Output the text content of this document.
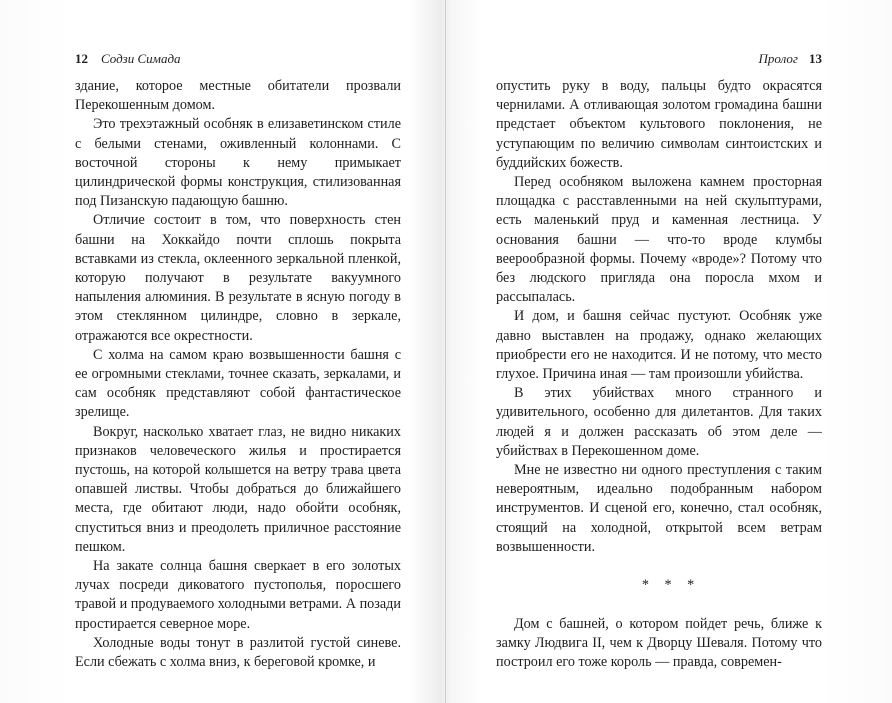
12 Содзи Симада

здание, которое местные обитатели прозвали Перекошенным домом.

Это трехэтажный особняк в елизаветинском стиле с белыми стенами, оживленный колоннами. С восточной стороны к нему примыкает цилиндрической формы конструкция, стилизованная под Пизанскую падающую башню.

Отличие состоит в том, что поверхность стен башни на Хоккайдо почти сплошь покрыта вставками из стекла, оклеенного зеркальной пленкой, которую получают в результате вакуумного напыления алюминия. В результате в ясную погоду в этом стеклянном цилиндре, словно в зеркале, отражаются все окрестности.

С холма на самом краю возвышенности башня с ее огромными стеклами, точнее сказать, зеркалами, и сам особняк представляют собой фантастическое зрелище.

Вокруг, насколько хватает глаз, не видно никаких признаков человеческого жилья и простирается пустошь, на которой колышется на ветру трава цвета опавшей листвы. Чтобы добраться до ближайшего места, где обитают люди, надо обойти особняк, спуститься вниз и преодолеть приличное расстояние пешком.

На закате солнца башня сверкает в его золотых лучах посреди диковатого пустополья, поросшего травой и продуваемого холодными ветрами. А позади простирается северное море.

Холодные воды тонут в разлитой густой синеве. Если сбежать с холма вниз, к береговой кромке, и

Пролог 13

опустить руку в воду, пальцы будто окрасятся чернилами. А отливающая золотом громадина башни предстает объектом культового поклонения, не уступающим по величию символам синтоистских и буддийских божеств.

Перед особняком выложена камнем просторная площадка с расставленными на ней скульптурами, есть маленький пруд и каменная лестница. У основания башни — что-то вроде клумбы веерообразной формы. Почему «вроде»? Потому что без людского пригляда она поросла мхом и рассыпалась.

И дом, и башня сейчас пустуют. Особняк уже давно выставлен на продажу, однако желающих приобрести его не находится. И не потому, что место глухое. Причина иная — там произошли убийства.

В этих убийствах много странного и удивительного, особенно для дилетантов. Для таких людей я и должен рассказать об этом деле — убийствах в Перекошенном доме.

Мне не известно ни одного преступления с таким невероятным, идеально подобранным набором инструментов. И сценой его, конечно, стал особняк, стоящий на холодной, открытой всем ветрам возвышенности.

* * *

Дом с башней, о котором пойдет речь, ближе к замку Людвига II, чем к Дворцу Шеваля. Потому что построил его тоже король — правда, современ-
